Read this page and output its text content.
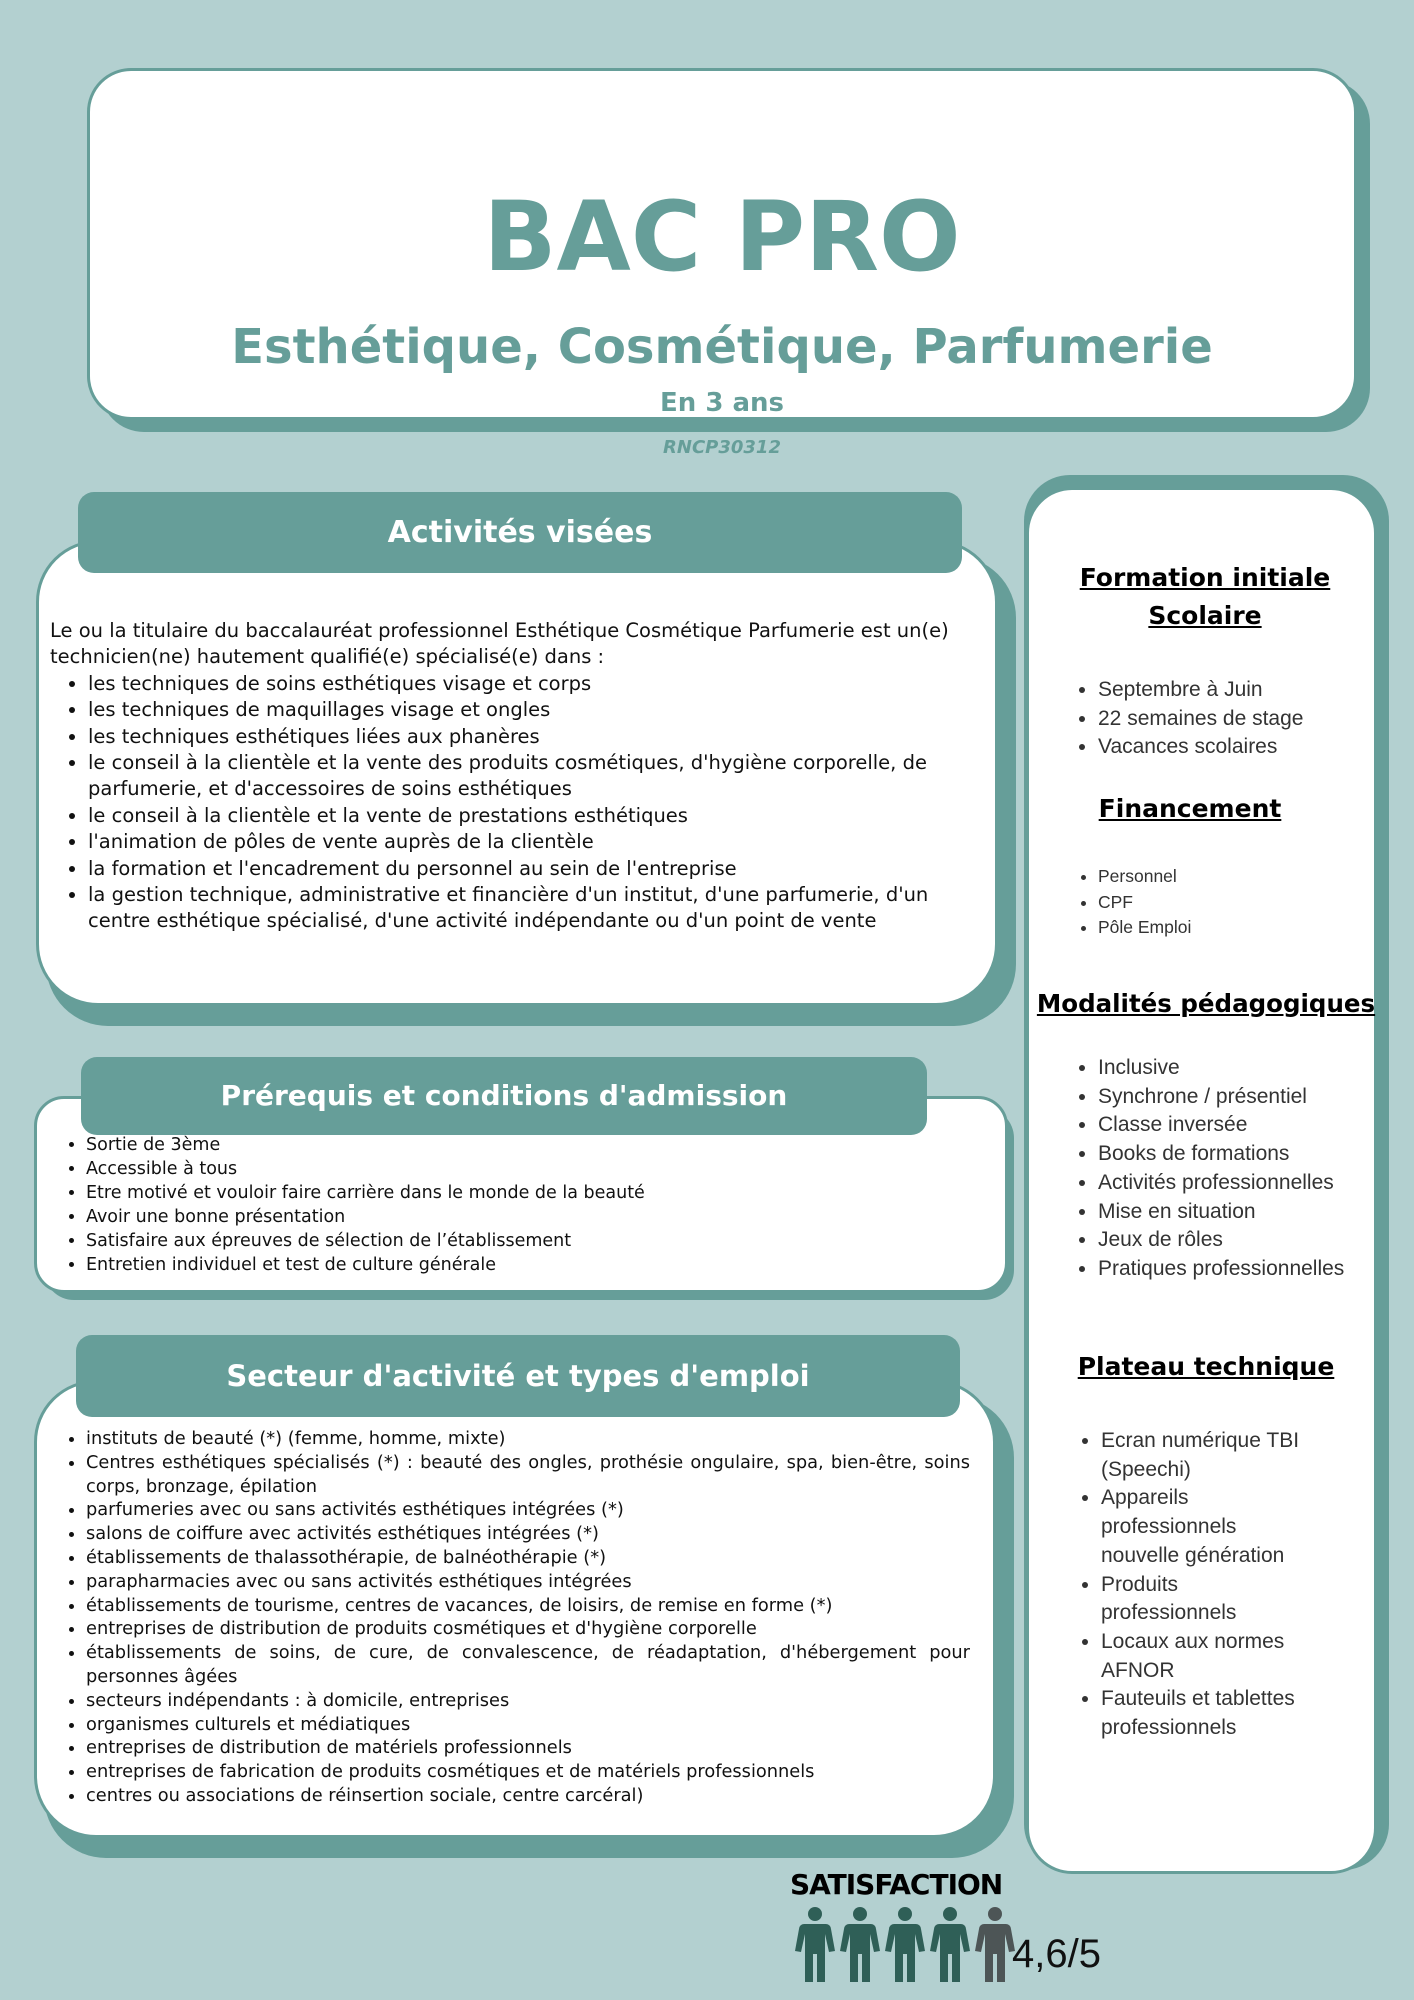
BAC PRO
Esthétique, Cosmétique, Parfumerie
En 3 ans
RNCP30312
Activités visées
Le ou la titulaire du baccalauréat professionnel Esthétique Cosmétique Parfumerie est un(e) technicien(ne) hautement qualifié(e) spécialisé(e) dans :
• les techniques de soins esthétiques visage et corps
• les techniques de maquillages visage et ongles
• les techniques esthétiques liées aux phanères
• le conseil à la clientèle et la vente des produits cosmétiques, d'hygiène corporelle, de parfumerie, et d'accessoires de soins esthétiques
• le conseil à la clientèle et la vente de prestations esthétiques
• l'animation de pôles de vente auprès de la clientèle
• la formation et l'encadrement du personnel au sein de l'entreprise
• la gestion technique, administrative et financière d'un institut, d'une parfumerie, d'un centre esthétique spécialisé, d'une activité indépendante ou d'un point de vente
Prérequis et conditions d'admission
• Sortie de 3ème
• Accessible à tous
• Etre motivé et vouloir faire carrière dans le monde de la beauté
• Avoir une bonne présentation
• Satisfaire aux épreuves de sélection de l’établissement
• Entretien individuel et test de culture générale
Secteur d'activité et types d'emploi
• instituts de beauté (*) (femme, homme, mixte)
• Centres esthétiques spécialisés (*) : beauté des ongles, prothésie ongulaire, spa, bien-être, soins corps, bronzage, épilation
• parfumeries avec ou sans activités esthétiques intégrées (*)
• salons de coiffure avec activités esthétiques intégrées (*)
• établissements de thalassothérapie, de balnéothérapie (*)
• parapharmacies avec ou sans activités esthétiques intégrées
• établissements de tourisme, centres de vacances, de loisirs, de remise en forme (*)
• entreprises de distribution de produits cosmétiques et d'hygiène corporelle
• établissements de soins, de cure, de convalescence, de réadaptation, d'hébergement pour personnes âgées
• secteurs indépendants : à domicile, entreprises
• organismes culturels et médiatiques
• entreprises de distribution de matériels professionnels
• entreprises de fabrication de produits cosmétiques et de matériels professionnels
• centres ou associations de réinsertion sociale, centre carcéral)
Formation initiale Scolaire
• Septembre à Juin
• 22 semaines de stage
• Vacances scolaires
Financement
• Personnel
• CPF
• Pôle Emploi
Modalités pédagogiques
• Inclusive
• Synchrone / présentiel
• Classe inversée
• Books de formations
• Activités professionnelles
• Mise en situation
• Jeux de rôles
• Pratiques professionnelles
Plateau technique
• Ecran numérique TBI (Speechi)
• Appareils professionnels nouvelle génération
• Produits professionnels
• Locaux aux normes AFNOR
• Fauteuils et tablettes professionnels
SATISFACTION
4,6/5
